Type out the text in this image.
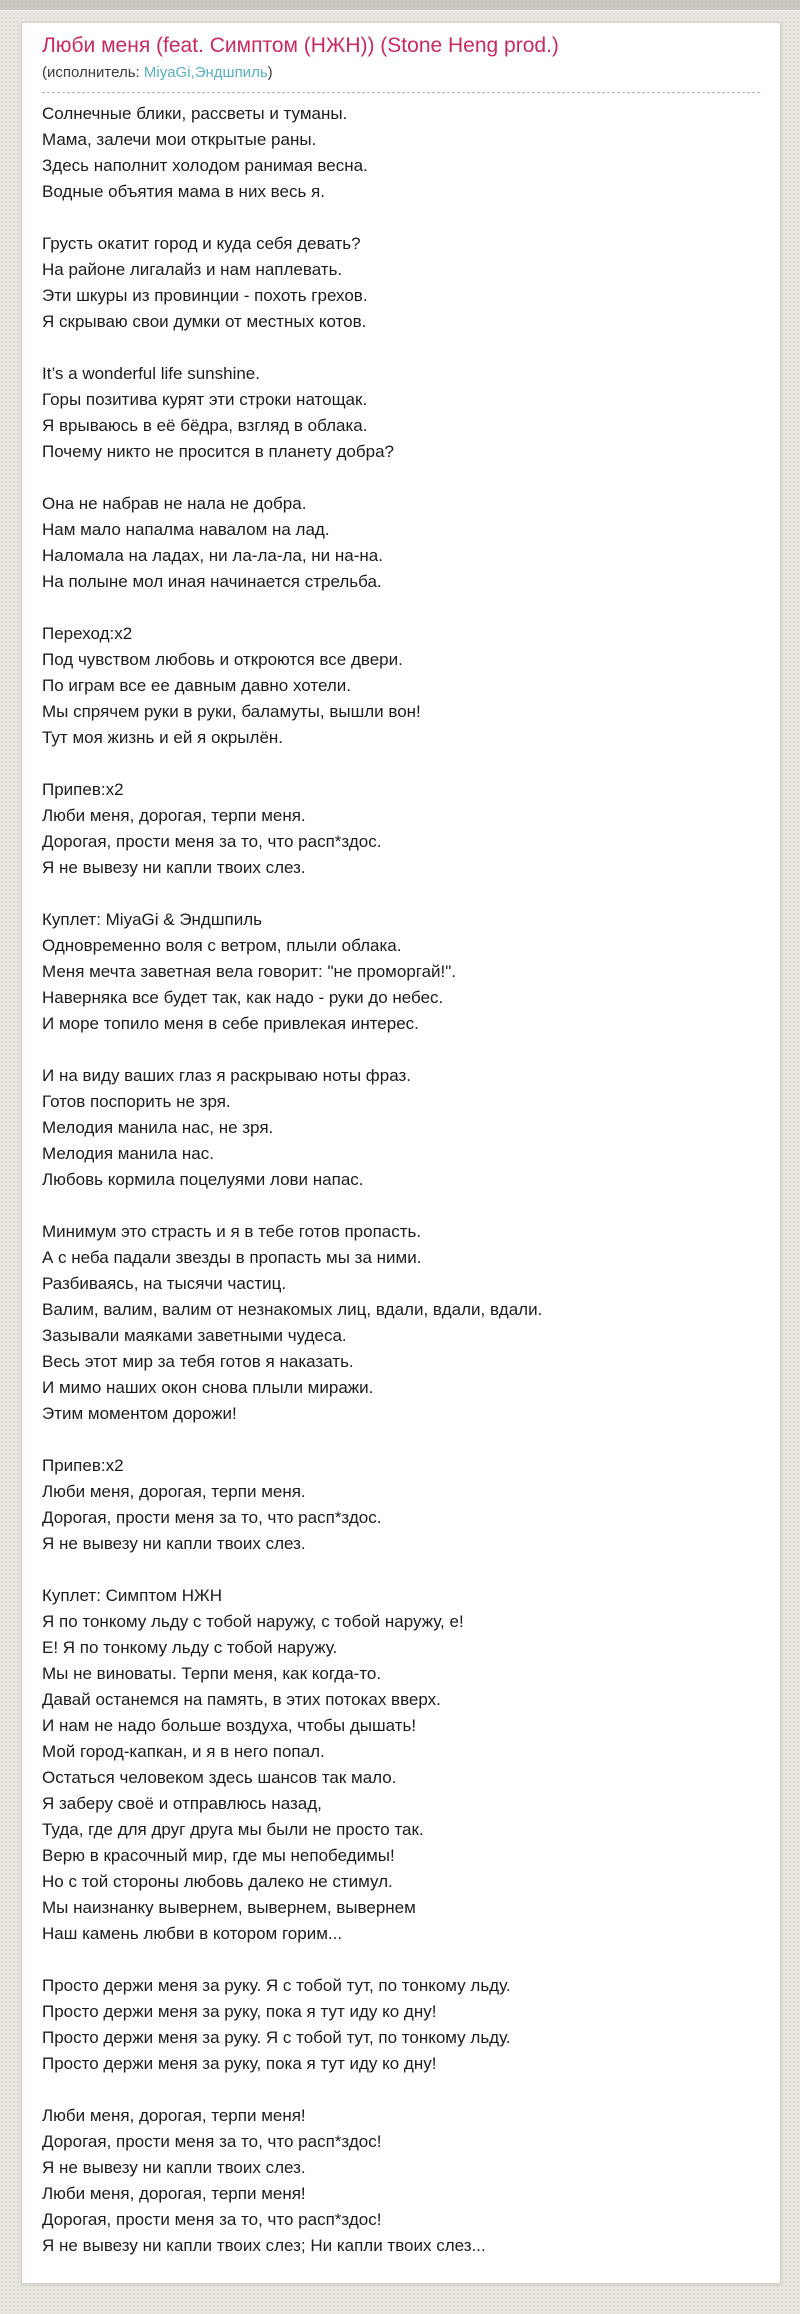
Люби меня (feat. Симптом (НЖН)) (Stone Heng prod.)
(исполнитель: MiyaGi,Эндшпиль)
Солнечные блики, рассветы и туманы.
Мама, залечи мои открытые раны.
Здесь наполнит холодом ранимая весна.
Водные объятия мама в них весь я.
Грусть окатит город и куда себя девать?
На районе лигалайз и нам наплевать.
Эти шкуры из провинции - похоть грехов.
Я скрываю свои думки от местных котов.
It’s a wonderful life sunshine.
Горы позитива курят эти строки натощак.
Я врываюсь в её бёдра, взгляд в облака.
Почему никто не просится в планету добра?
Она не набрав не нала не добра.
Нам мало напалма навалом на лад.
Наломала на ладах, ни ла-ла-ла, ни на-на.
На полыне мол иная начинается стрельба.
Переход:x2
Под чувством любовь и откроются все двери.
По играм все ее давным давно хотели.
Мы спрячем руки в руки, баламуты, вышли вон!
Тут моя жизнь и ей я окрылён.
Припев:x2
Люби меня, дорогая, терпи меня.
Дорогая, прости меня за то, что расп*здос.
Я не вывезу ни капли твоих слез.
Куплет: MiyaGi & Эндшпиль
Одновременно воля с ветром, плыли облака.
Меня мечта заветная вела говорит: "не проморгай!".
Наверняка все будет так, как надо - руки до небес.
И море топило меня в себе привлекая интерес.
И на виду ваших глаз я раскрываю ноты фраз.
Готов поспорить не зря.
Мелодия манила нас, не зря.
Мелодия манила нас.
Любовь кормила поцелуями лови напас.
Минимум это страсть и я в тебе готов пропасть.
А с неба падали звезды в пропасть мы за ними.
Разбиваясь, на тысячи частиц.
Валим, валим, валим от незнакомых лиц, вдали, вдали, вдали.
Зазывали маяками заветными чудеса.
Весь этот мир за тебя готов я наказать.
И мимо наших окон снова плыли миражи.
Этим моментом дорожи!
Припев:x2
Люби меня, дорогая, терпи меня.
Дорогая, прости меня за то, что расп*здос.
Я не вывезу ни капли твоих слез.
Куплет: Симптом НЖН
Я по тонкому льду с тобой наружу, с тобой наружу, е!
Е! Я по тонкому льду с тобой наружу.
Мы не виноваты. Терпи меня, как когда-то.
Давай останемся на память, в этих потоках вверх.
И нам не надо больше воздуха, чтобы дышать!
Мой город-капкан, и я в него попал.
Остаться человеком здесь шансов так мало.
Я заберу своё и отправлюсь назад,
Туда, где для друг друга мы были не просто так.
Верю в красочный мир, где мы непобедимы!
Но с той стороны любовь далеко не стимул.
Мы наизнанку вывернем, вывернем, вывернем
Наш камень любви в котором горим...
Просто держи меня за руку. Я с тобой тут, по тонкому льду.
Просто держи меня за руку, пока я тут иду ко дну!
Просто держи меня за руку. Я с тобой тут, по тонкому льду.
Просто держи меня за руку, пока я тут иду ко дну!
Люби меня, дорогая, терпи меня!
Дорогая, прости меня за то, что расп*здос!
Я не вывезу ни капли твоих слез.
Люби меня, дорогая, терпи меня!
Дорогая, прости меня за то, что расп*здос!
Я не вывезу ни капли твоих слез; Ни капли твоих слез...
